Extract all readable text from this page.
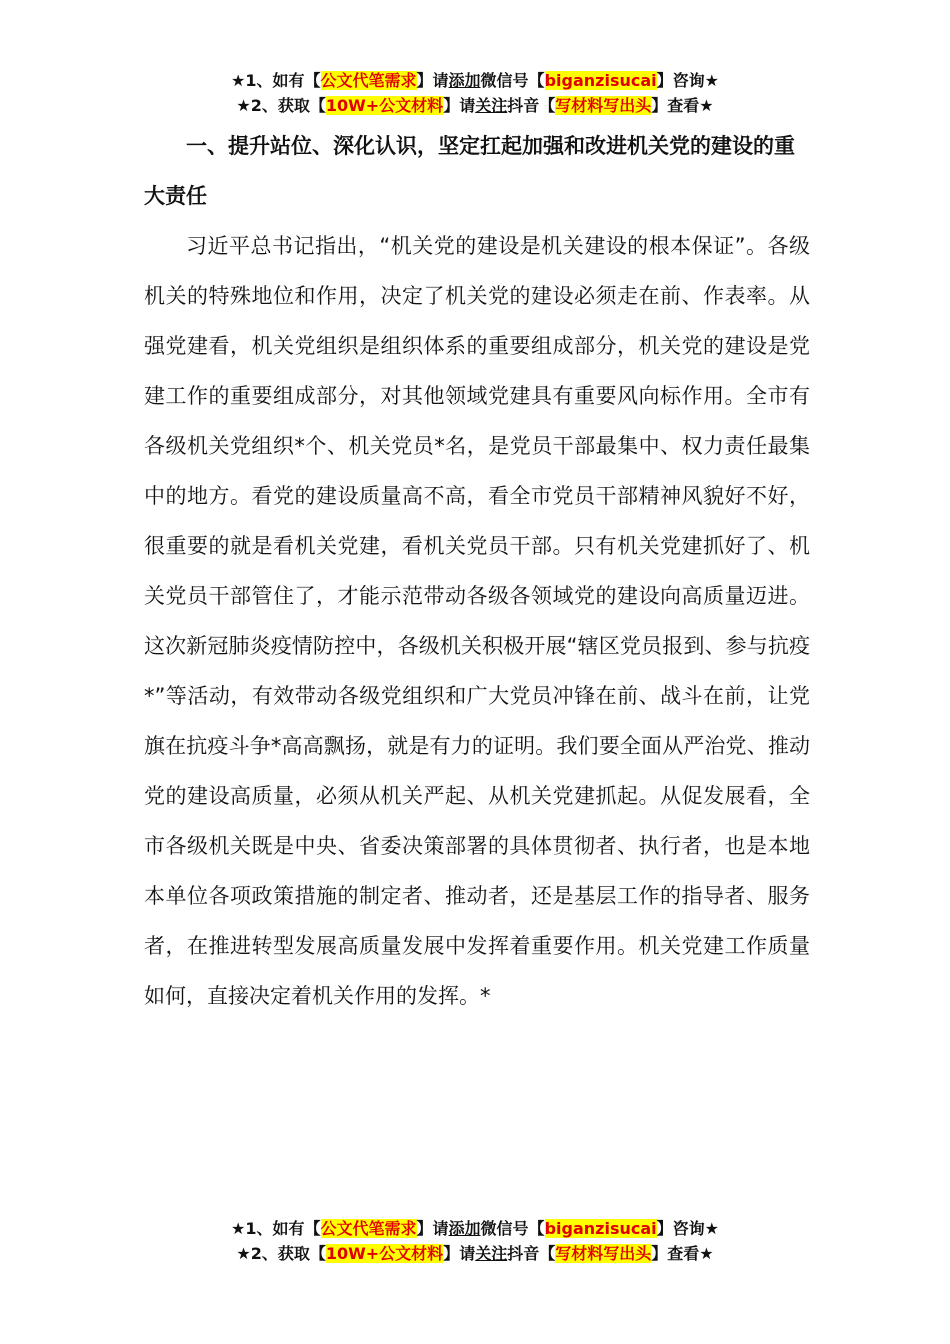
★1、如有【公文代笔需求】请添加微信号【biganzisucai】咨询★
★2、获取【10W+公文材料】请关注抖音【写材料写出头】查看★

一、提升站位、深化认识，坚定扛起加强和改进机关党的建设的重大责任

习近平总书记指出，“机关党的建设是机关建设的根本保证”。各级机关的特殊地位和作用，决定了机关党的建设必须走在前、作表率。从强党建看，机关党组织是组织体系的重要组成部分，机关党的建设是党建工作的重要组成部分，对其他领域党建具有重要风向标作用。全市有各级机关党组织*个、机关党员*名，是党员干部最集中、权力责任最集中的地方。看党的建设质量高不高，看全市党员干部精神风貌好不好，很重要的就是看机关党建，看机关党员干部。只有机关党建抓好了、机关党员干部管住了，才能示范带动各级各领域党的建设向高质量迈进。这次新冠肺炎疫情防控中，各级机关积极开展“辖区党员报到、参与抗疫*”等活动，有效带动各级党组织和广大党员冲锋在前、战斗在前，让党旗在抗疫斗争*高高飘扬，就是有力的证明。我们要全面从严治党、推动党的建设高质量，必须从机关严起、从机关党建抓起。从促发展看，全市各级机关既是中央、省委决策部署的具体贯彻者、执行者，也是本地本单位各项政策措施的制定者、推动者，还是基层工作的指导者、服务者，在推进转型发展高质量发展中发挥着重要作用。机关党建工作质量如何，直接决定着机关作用的发挥。*

★1、如有【公文代笔需求】请添加微信号【biganzisucai】咨询★
★2、获取【10W+公文材料】请关注抖音【写材料写出头】查看★
